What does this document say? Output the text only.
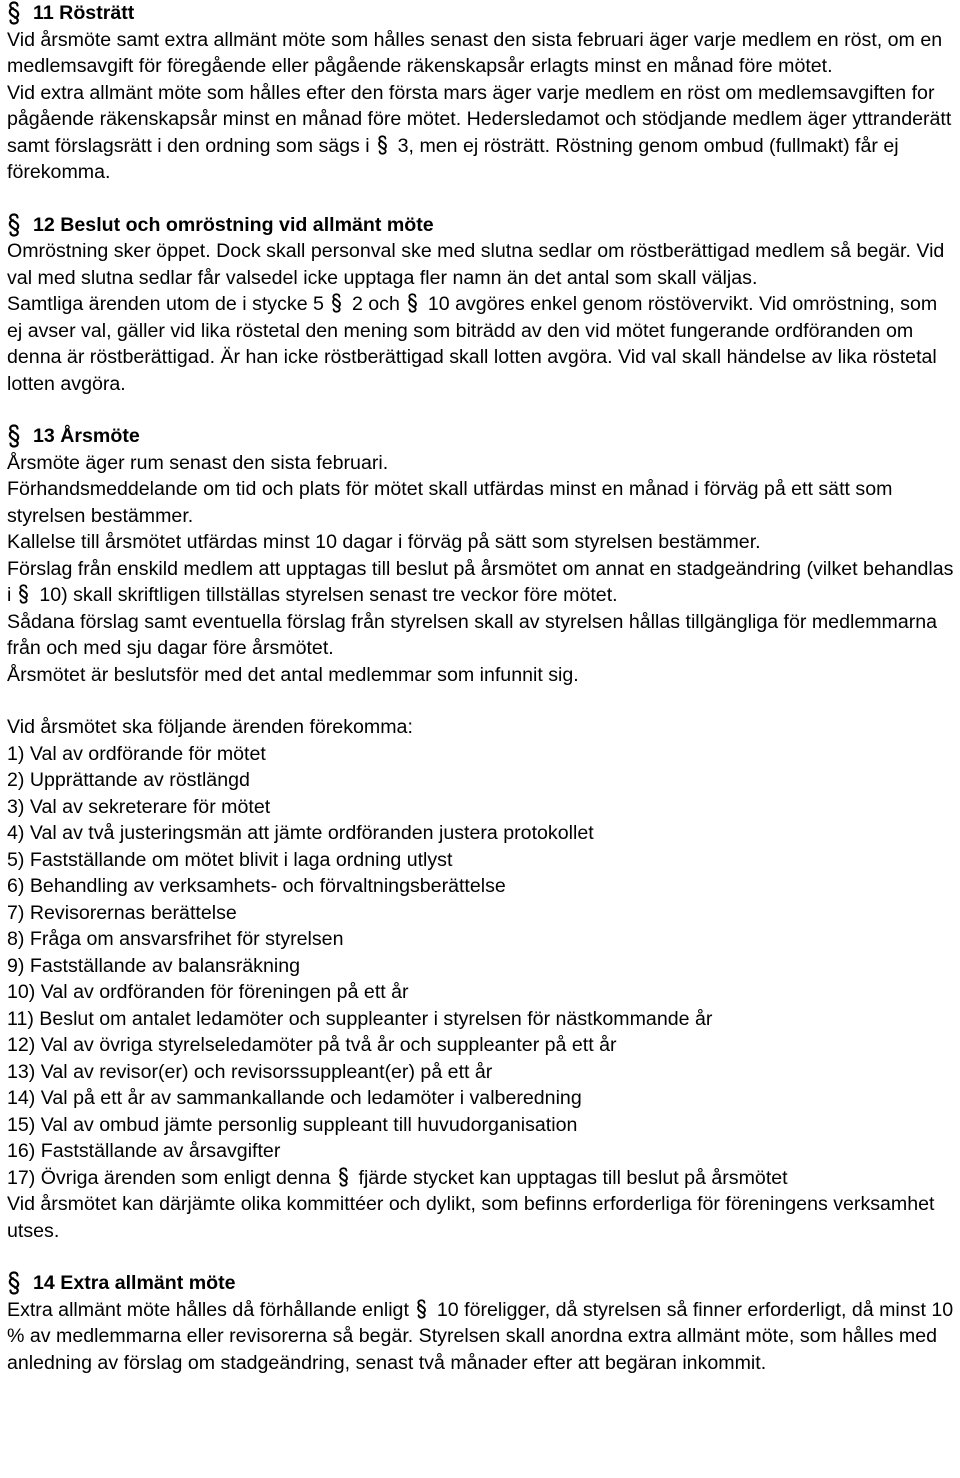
11
Rösträtt

Vid årsmöte samt extra allmänt möte som hålles senast den sista februari äger varje medlem en röst, om en medlemsavgift för föregående eller pågående räkenskapsår erlagts minst en månad före mötet.

Vid extra allmänt möte som hålles efter den första mars äger varje medlem en röst om medlemsavgiften for pågående räkenskapsår minst en månad före mötet. Hedersledamot och stödjande medlem äger yttranderätt samt förslagsrätt i den ordning som sägs i 3, men ej rösträtt. Röstning genom ombud (fullmakt) får ej förekomma.

12
Beslut och omröstning vid allmänt möte

Omröstning sker öppet. Dock skall personval ske med slutna sedlar om röstberättigad medlem så begär. Vid val med slutna sedlar får valsedel icke upptaga fler namn än det antal som skall väljas.

Samtliga ärenden utom de i stycke 5 2 och 10 avgöres enkel genom röstövervikt. Vid omröstning, som ej avser val, gäller vid lika röstetal den mening som biträdd av den vid mötet fungerande ordföranden om denna är röstberättigad. Är han icke röstberättigad skall lotten avgöra. Vid val skall händelse av lika röstetal lotten avgöra.

13
Årsmöte

Årsmöte äger rum senast den sista februari.

Förhandsmeddelande om tid och plats för mötet skall utfärdas minst en månad i förväg på ett sätt som styrelsen bestämmer.

Kallelse till årsmötet utfärdas minst 10 dagar i förväg på sätt som styrelsen bestämmer.

Förslag från enskild medlem att upptagas till beslut på årsmötet om annat en stadgeändring (vilket behandlas i 10) skall skriftligen tillställas styrelsen senast tre veckor före mötet.

Sådana förslag samt eventuella förslag från styrelsen skall av styrelsen hållas tillgängliga för medlemmarna från och med sju dagar före årsmötet.

Årsmötet är beslutsför med det antal medlemmar som infunnit sig.

Vid årsmötet ska följande ärenden förekomma:

1) Val av ordförande för mötet

2) Upprättande av röstlängd

3) Val av sekreterare för mötet

4) Val av två justeringsmän att jämte ordföranden justera protokollet

5) Fastställande om mötet blivit i laga ordning utlyst

6) Behandling av verksamhets- och förvaltningsberättelse

7) Revisorernas berättelse

8) Fråga om ansvarsfrihet för styrelsen

9) Fastställande av balansräkning

10) Val av ordföranden för föreningen på ett år

11) Beslut om antalet ledamöter och suppleanter i styrelsen för nästkommande år

12) Val av övriga styrelseledamöter på två år och suppleanter på ett år

13) Val av revisor(er) och revisorssuppleant(er) på ett år

14) Val på ett år av sammankallande och ledamöter i valberedning

15) Val av ombud jämte personlig suppleant till huvudorganisation

16) Fastställande av årsavgifter

17) Övriga ärenden som enligt denna fjärde stycket kan upptagas till beslut på årsmötet

Vid årsmötet kan därjämte olika kommittéer och dylikt, som befinns erforderliga för föreningens verksamhet utses.

14
Extra allmänt möte

Extra allmänt möte hålles då förhållande enligt 10 föreligger, då styrelsen så finner erforderligt, då minst 10 % av medlemmarna eller revisorerna så begär. Styrelsen skall anordna extra allmänt möte, som hålles med anledning av förslag om stadgeändring, senast två månader efter att begäran inkommit.
